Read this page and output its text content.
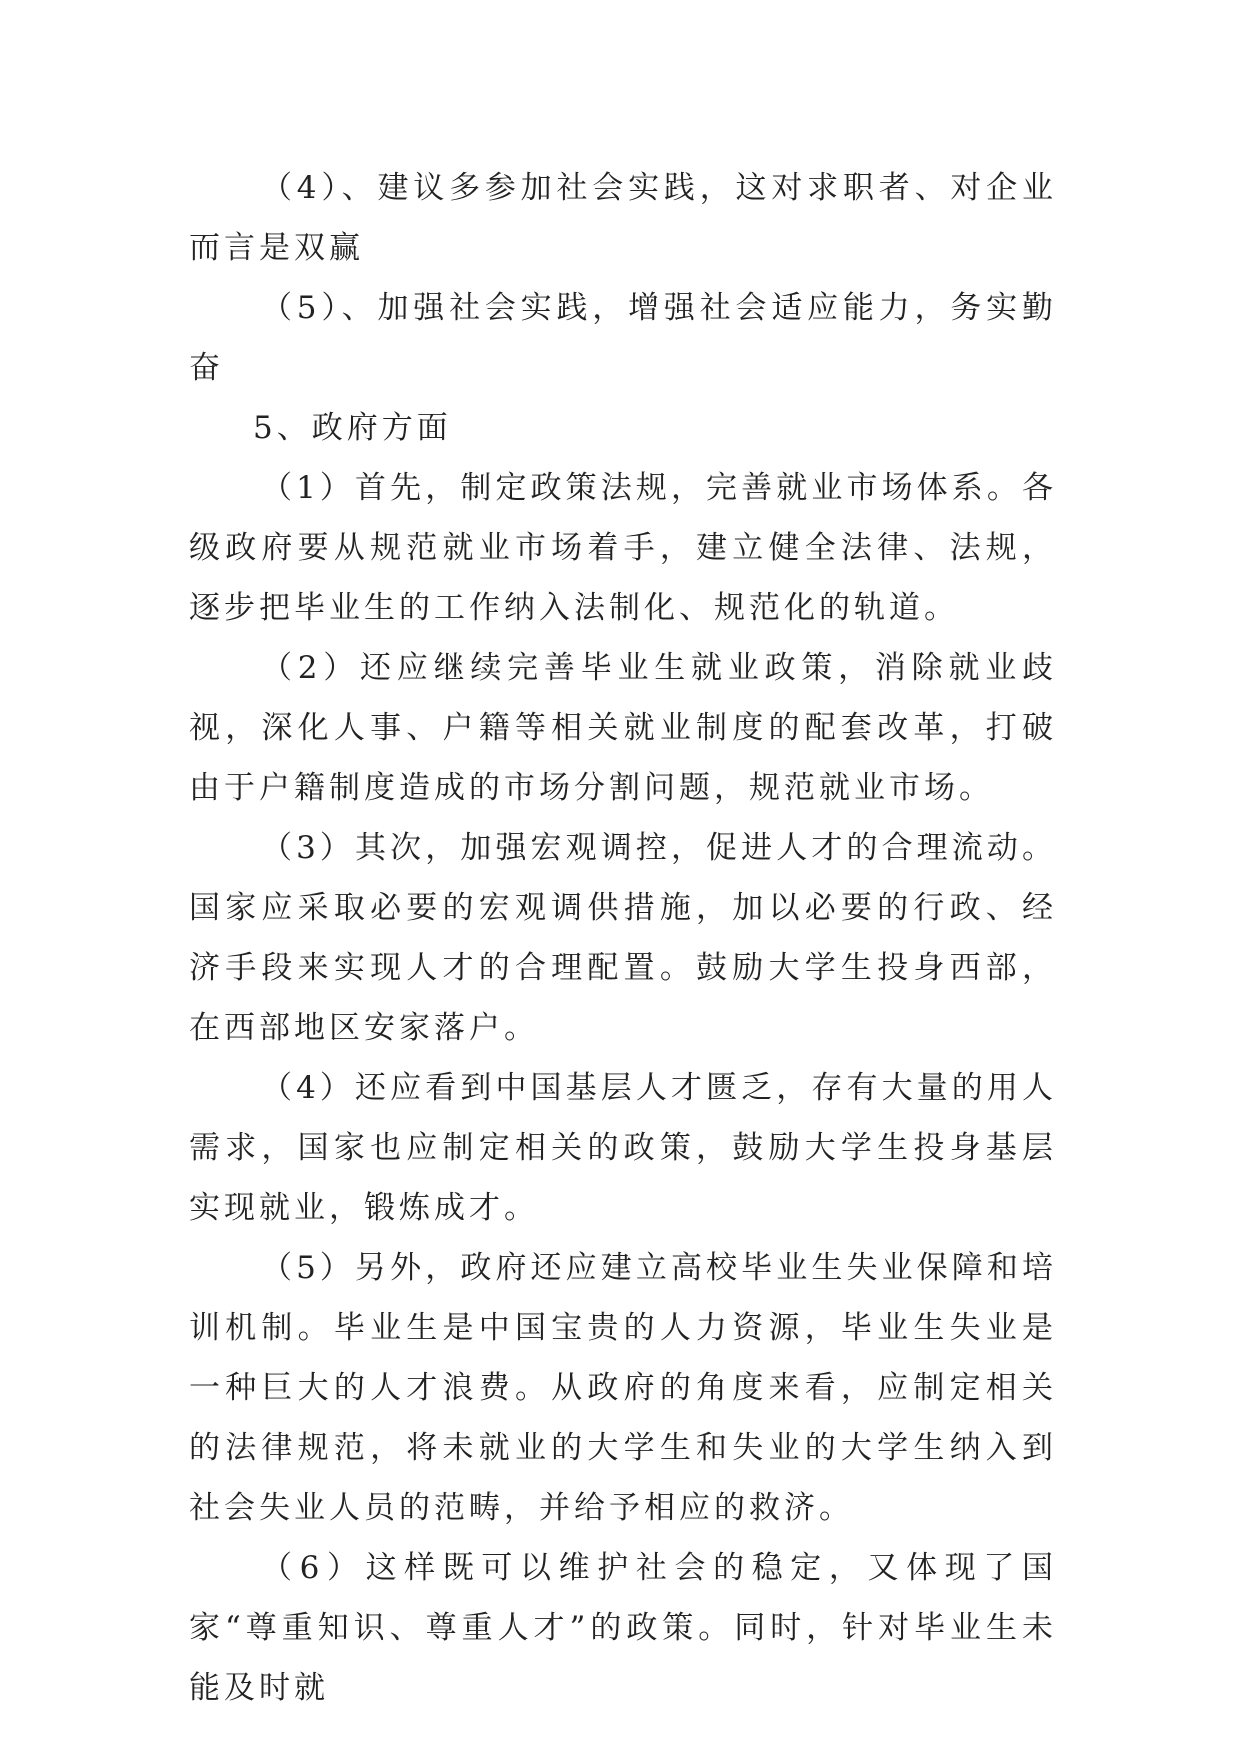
（4）、建议多参加社会实践，这对求职者、对企业而言是双赢

（5）、加强社会实践，增强社会适应能力，务实勤奋

5、政府方面

（1）首先，制定政策法规，完善就业市场体系。各级政府要从规范就业市场着手，建立健全法律、法规，逐步把毕业生的工作纳入法制化、规范化的轨道。

（2）还应继续完善毕业生就业政策，消除就业歧视，深化人事、户籍等相关就业制度的配套改革，打破由于户籍制度造成的市场分割问题，规范就业市场。

（3）其次，加强宏观调控，促进人才的合理流动。国家应采取必要的宏观调供措施，加以必要的行政、经济手段来实现人才的合理配置。鼓励大学生投身西部，在西部地区安家落户。

（4）还应看到中国基层人才匮乏，存有大量的用人需求，国家也应制定相关的政策，鼓励大学生投身基层实现就业，锻炼成才。

（5）另外，政府还应建立高校毕业生失业保障和培训机制。毕业生是中国宝贵的人力资源，毕业生失业是一种巨大的人才浪费。从政府的角度来看，应制定相关的法律规范，将未就业的大学生和失业的大学生纳入到社会失业人员的范畴，并给予相应的救济。

（6）这样既可以维护社会的稳定，又体现了国家“尊重知识、尊重人才”的政策。同时，针对毕业生未能及时就
